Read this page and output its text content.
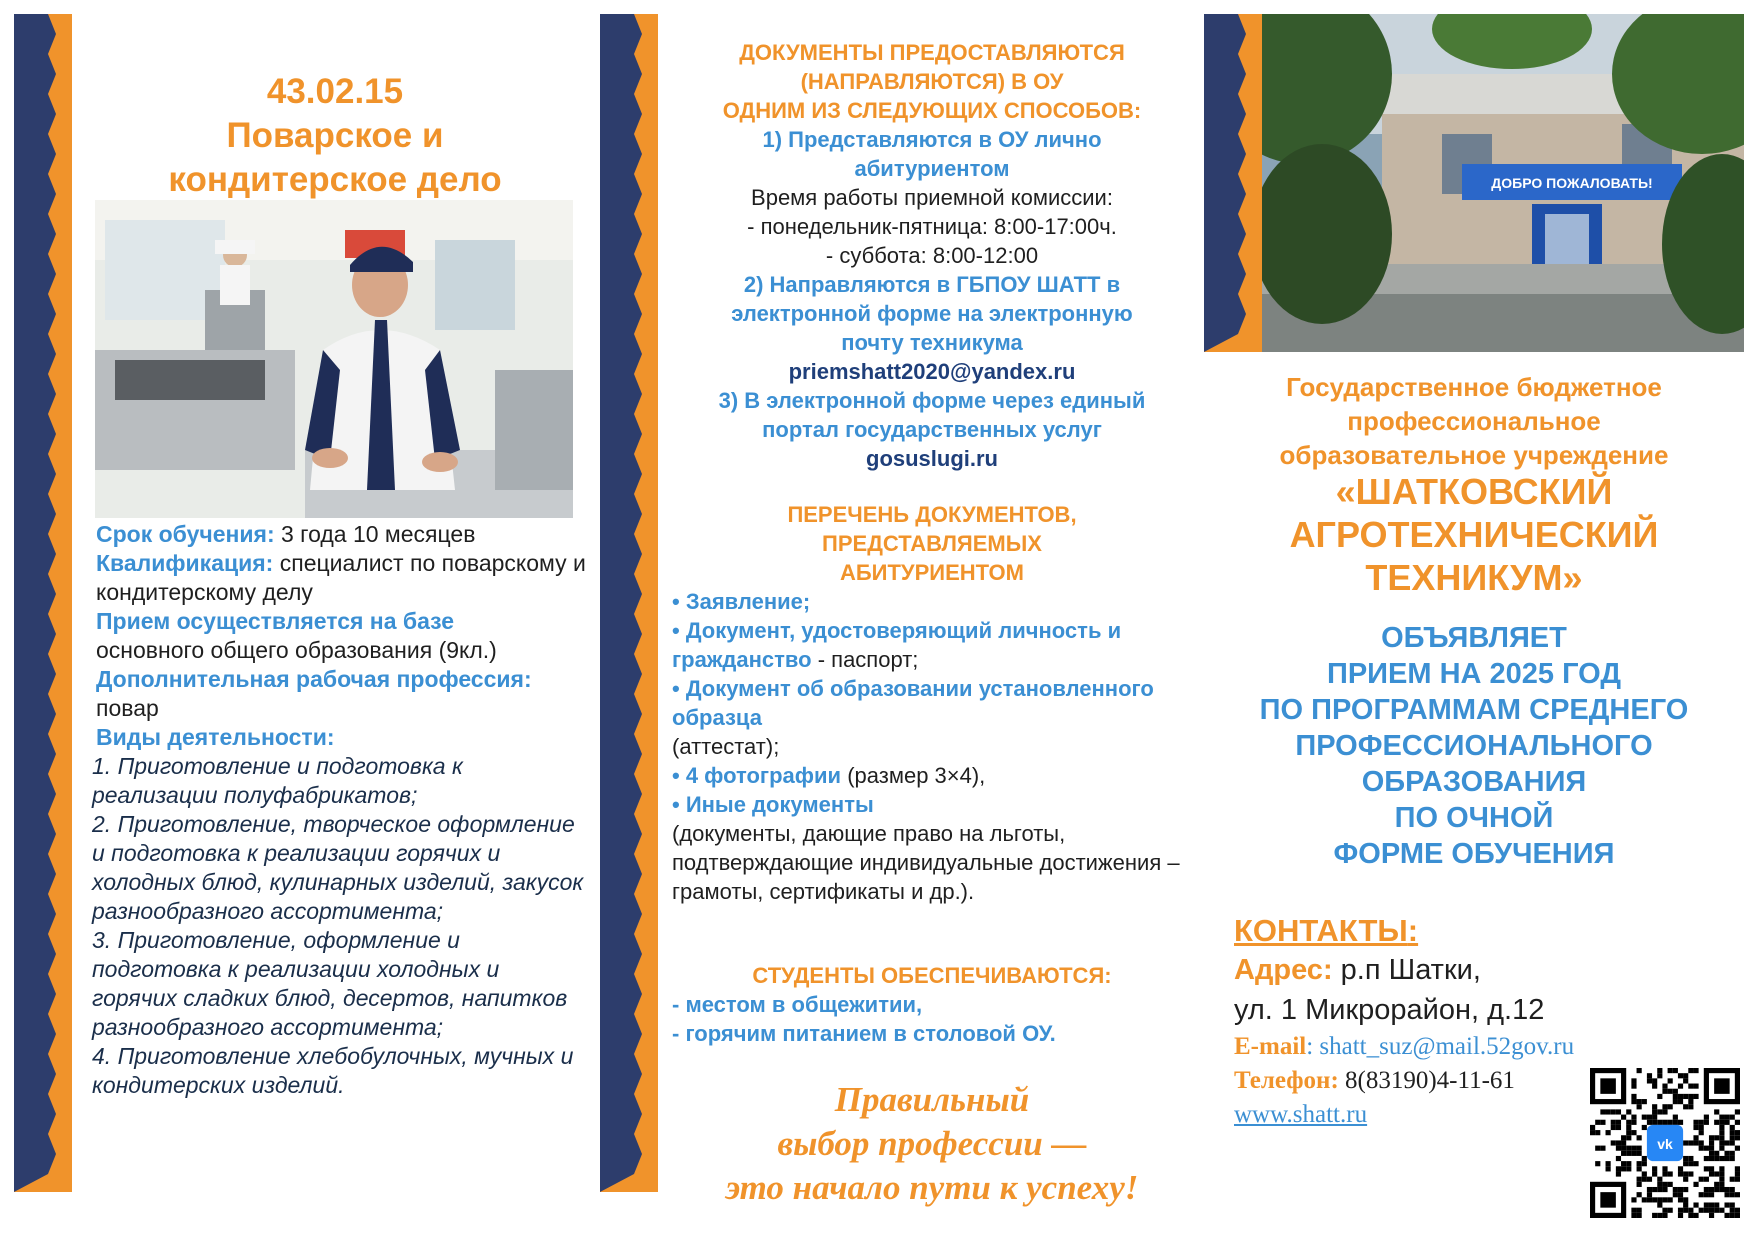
43.02.15
Поварское и
кондитерское дело
Срок обучения: 3 года 10 месяцев
Квалификация: специалист по поварскому и кондитерскому делу
Прием осуществляется на базе
основного общего образования (9кл.)
Дополнительная рабочая профессия: повар
Виды деятельности:
1. Приготовление и подготовка к реализации полуфабрикатов;
2. Приготовление, творческое оформление и подготовка к реализации горячих и холодных блюд, кулинарных изделий, закусок разнообразного ассортимента;
3. Приготовление, оформление и подготовка к реализации холодных и горячих сладких блюд, десертов, напитков разнообразного ассортимента;
4. Приготовление хлебобулочных, мучных и кондитерских изделий.
ДОКУМЕНТЫ ПРЕДОСТАВЛЯЮТСЯ
(НАПРАВЛЯЮТСЯ) В ОУ
ОДНИМ ИЗ СЛЕДУЮЩИХ СПОСОБОВ:
1) Представляются в ОУ лично
абитуриентом
Время работы приемной комиссии:
- понедельник-пятница: 8:00-17:00ч.
- суббота: 8:00-12:00
2) Направляются в ГБПОУ ШАТТ в
электронной форме на электронную
почту техникума
priemshatt2020@yandex.ru
3) В электронной форме через единый
портал государственных услуг
gosuslugi.ru
ПЕРЕЧЕНЬ ДОКУМЕНТОВ,
ПРЕДСТАВЛЯЕМЫХ
АБИТУРИЕНТОМ
• Заявление;
• Документ, удостоверяющий личность и гражданство - паспорт;
• Документ об образовании установленного образца
(аттестат);
• 4 фотографии (размер 3×4),
• Иные документы
(документы, дающие право на льготы, подтверждающие индивидуальные достижения – грамоты, сертификаты и др.).
СТУДЕНТЫ ОБЕСПЕЧИВАЮТСЯ:
- местом в общежитии,
- горячим питанием в столовой ОУ.
Правильный
выбор профессии —
это начало пути к успеху!
ДОБРО ПОЖАЛОВАТЬ!
Государственное бюджетное
профессиональное
образовательное учреждение
«ШАТКОВСКИЙ
АГРОТЕХНИЧЕСКИЙ
ТЕХНИКУМ»
ОБЪЯВЛЯЕТ
ПРИЕМ НА 2025 ГОД
ПО ПРОГРАММАМ СРЕДНЕГО
ПРОФЕССИОНАЛЬНОГО
ОБРАЗОВАНИЯ
ПО ОЧНОЙ
ФОРМЕ ОБУЧЕНИЯ
КОНТАКТЫ:
Адрес: р.п Шатки,
ул. 1 Микрорайон, д.12
E-mail: shatt_suz@mail.52gov.ru
Телефон: 8(83190)4-11-61
www.shatt.ru
vk
